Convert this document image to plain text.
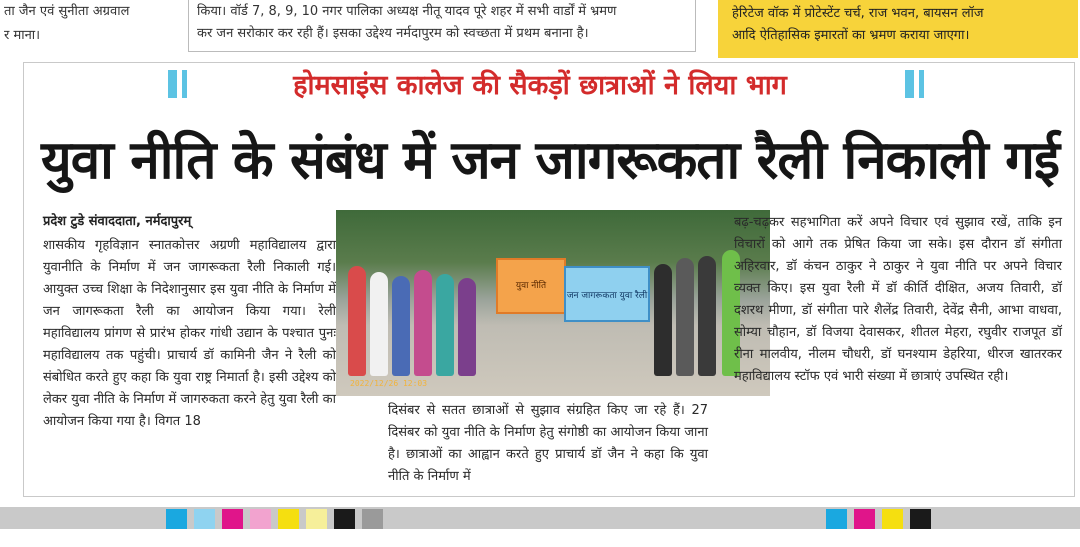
ता जैन एवं सुनीता अग्रवाल
र माना।
किया। वॉर्ड 7, 8, 9, 10 नगर पालिका अध्यक्ष नीतू यादव पूरे शहर में सभी वार्डों में भ्रमण
कर जन सरोकार कर रही हैं। इसका उद्देश्य नर्मदापुरम को स्वच्छता में प्रथम बनाना है।
हेरिटेज वॉक में प्रोटेस्टेंट चर्च, राज भवन, बायसन लॉज
आदि ऐतिहासिक इमारतों का भ्रमण कराया जाएगा।
होमसाइंस कालेज की सैकड़ों छात्राओं ने लिया भाग
युवा नीति के संबंध में जन जागरूकता रैली निकाली गई
प्रदेश टुडे संवाददाता, नर्मदापुरम्
शासकीय गृहविज्ञान स्नातकोत्तर अग्रणी महाविद्यालय द्वारा युवानीति के निर्माण में जन जागरूकता रैली निकाली गई। आयुक्त उच्च शिक्षा के निदेशानुसार इस युवा नीति के निर्माण में जन जागरूकता रैली का आयोजन किया गया। रेली महाविद्यालय प्रांगण से प्रारंभ होकर गांधी उद्यान के पश्चात पुनः महाविद्यालय तक पहुंची। प्राचार्य डॉ कामिनी जैन ने रैली को संबोधित करते हुए कहा कि युवा राष्ट्र निमार्ता है। इसी उद्देश्य को लेकर युवा नीति के निर्माण में जागरुकता करने हेतु युवा रैली का आयोजन किया गया है। विगत 18
युवा नीति
जन जागरूकता युवा रैली
2022/12/26 12:03
दिसंबर से सतत छात्राओं से सुझाव संग्रहित किए जा रहे हैं। 27 दिसंबर को युवा नीति के निर्माण हेतु संगोष्ठी का आयोजन किया जाना है। छात्राओं का आह्वान करते हुए प्राचार्य डॉ जैन ने कहा कि युवा नीति के निर्माण में
बढ़-चढ़कर सहभागिता करें अपने विचार एवं सुझाव रखें, ताकि इन विचारों को आगे तक प्रेषित किया जा सके। इस दौरान डॉ संगीता अहिरवार, डॉ कंचन ठाकुर ने ठाकुर ने युवा नीति पर अपने विचार व्यक्त किए। इस युवा रैली में डॉ कीर्ति दीक्षित, अजय तिवारी, डॉ दशरथ मीणा, डॉ संगीता पारे शैलेंद्र तिवारी, देवेंद्र सैनी, आभा वाधवा, सोम्या चौहान, डॉ विजया देवासकर, शीतल मेहरा, रघुवीर राजपूत डॉ रीना मालवीय, नीलम चौधरी, डॉ घनश्याम डेहरिया, धीरज खातरकर महाविद्यालय स्टॉफ एवं भारी संख्या में छात्राएं उपस्थित रही।
